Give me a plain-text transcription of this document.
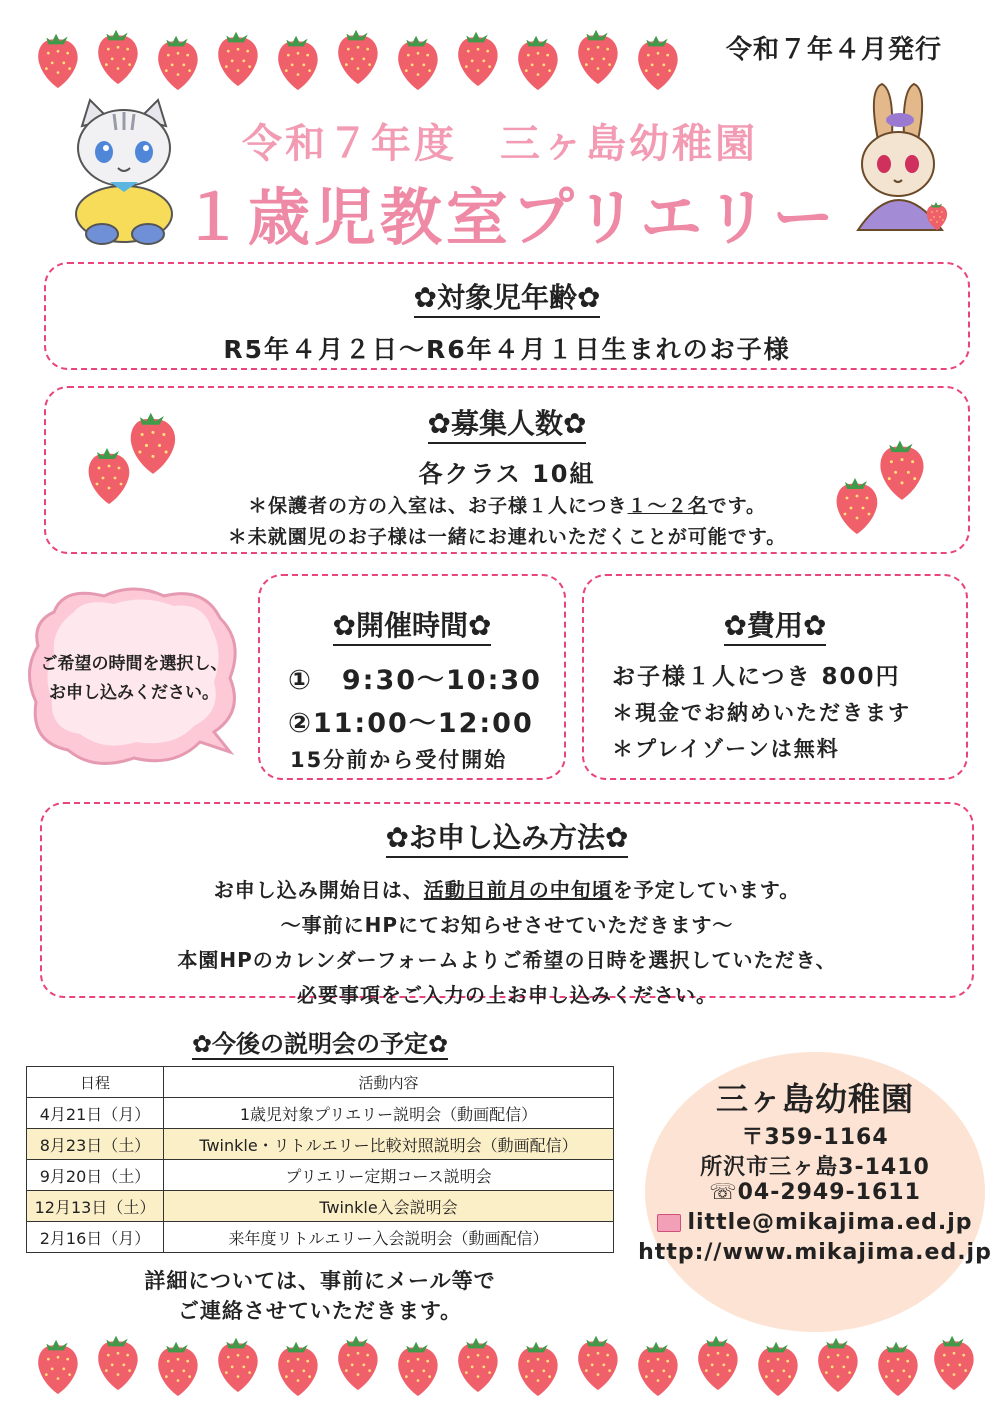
令和７年４月発行
令和７年度　三ヶ島幼稚園
１歳児教室プリエリー
✿対象児年齢✿
R5年４月２日〜R6年４月１日生まれのお子様
✿募集人数✿
各クラス 10組
＊保護者の方の入室は、お子様１人につき１〜２名です。
＊未就園児のお子様は一緒にお連れいただくことが可能です。
ご希望の時間を選択し、お申し込みください。
✿開催時間✿
①　9:30〜10:30
②11:00〜12:00
15分前から受付開始
✿費用✿
お子様１人につき 800円
＊現金でお納めいただきます
＊プレイゾーンは無料
✿お申し込み方法✿
お申し込み開始日は、活動日前月の中旬頃を予定しています。
〜事前にHPにてお知らせさせていただきます〜
本園HPのカレンダーフォームよりご希望の日時を選択していただき、
必要事項をご入力の上お申し込みください。
✿今後の説明会の予定✿
日程	活動内容
4月21日（月）	1歳児対象プリエリー説明会（動画配信）
8月23日（土）	Twinkle・リトルエリー比較対照説明会（動画配信）
9月20日（土）	プリエリー定期コース説明会
12月13日（土）	Twinkle入会説明会
2月16日（月）	来年度リトルエリー入会説明会（動画配信）
詳細については、事前にメール等で
ご連絡させていただきます。
三ヶ島幼稚園
〒359-1164
所沢市三ヶ島3-1410
☏04-2949-1611
little@mikajima.ed.jp
http://www.mikajima.ed.jp
